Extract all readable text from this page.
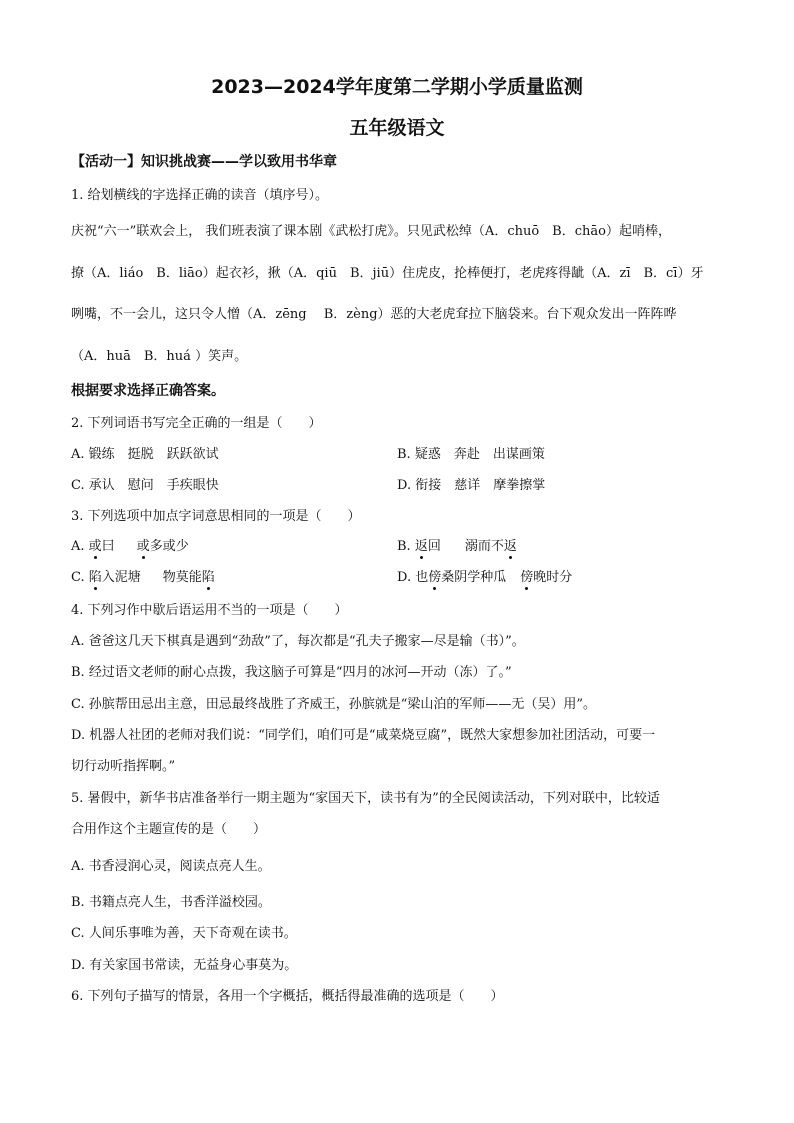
2023—2024学年度第二学期小学质量监测
五年级语文
【活动一】知识挑战赛——学以致用书华章
1. 给划横线的字选择正确的读音（填序号）。
庆祝“六一”联欢会上， 我们班表演了课本剧《武松打虎》。只见武松绰（A．chuō　B．chāo）起哨棒，
撩（A．liáo　B．liāo）起衣衫，揪（A．qiū　B．jiū）住虎皮，抡棒便打，老虎疼得龇（A．zī　B．cī）牙
咧嘴，不一会儿，这只令人憎（A．zēng　 B．zèng）恶的大老虎耷拉下脑袋来。台下观众发出一阵阵哗
（A．huā　B．huá ）笑声。
根据要求选择正确答案。
2. 下列词语书写完全正确的一组是（　　）
A. 锻练　挺脱　跃跃欲试	B. 疑惑　奔赴　出谋画策
C. 承认　慰问　手疾眼快	D. 衔接　慈详　摩拳擦掌
3. 下列选项中加点字词意思相同的一项是（　　）
A. 或曰 或多或少	B. 返回 溺而不返
C. 陷入泥塘 物莫能陷	D. 也傍桑阴学种瓜 傍晚时分
4. 下列习作中歇后语运用不当的一项是（　　）
A. 爸爸这几天下棋真是遇到“劲敌”了，每次都是“孔夫子搬家—尽是输（书）”。
B. 经过语文老师的耐心点拨，我这脑子可算是“四月的冰河—开动（冻）了。”
C. 孙膑帮田忌出主意，田忌最终战胜了齐威王，孙膑就是“梁山泊的军师——无（吴）用”。
D. 机器人社团的老师对我们说：“同学们，咱们可是“咸菜烧豆腐”，既然大家想参加社团活动，可要一
切行动听指挥啊。”
5. 暑假中，新华书店准备举行一期主题为“家国天下，读书有为”的全民阅读活动，下列对联中，比较适
合用作这个主题宣传的是（　　）
A. 书香浸润心灵，阅读点亮人生。
B. 书籍点亮人生，书香洋溢校园。
C. 人间乐事唯为善，天下奇观在读书。
D. 有关家国书常读，无益身心事莫为。
6. 下列句子描写的情景，各用一个字概括，概括得最准确的选项是（　　）
